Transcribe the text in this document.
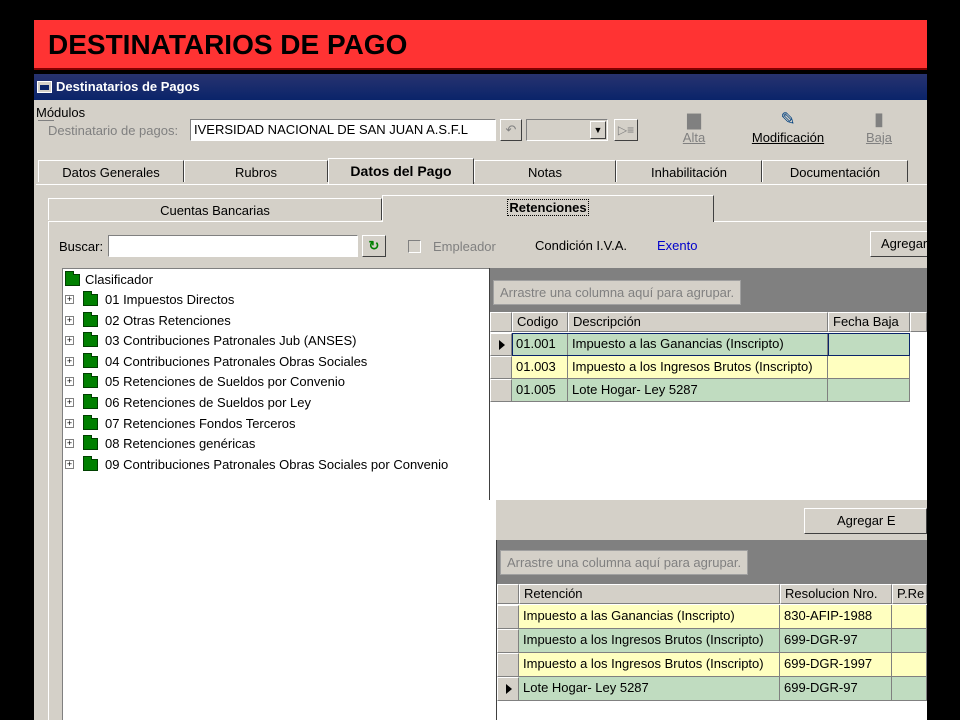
DESTINATARIOS DE PAGO
Destinatarios de Pagos
Módulos
Destinatario de pagos:	IVERSIDAD NACIONAL DE SAN JUAN A.S.F.L	↶	▼	▷≡
▆
Alta
✎
Modificación
▮
Baja
Datos Generales	Rubros	Datos del Pago	Notas	Inhabilitación	Documentación
Cuentas Bancarias	Retenciones
Buscar:	↻	Empleador	Condición I.V.A. Exento	Agregar
Clasificador
+	01 Impuestos Directos
+	02 Otras Retenciones
+	03 Contribuciones Patronales Jub (ANSES)
+	04 Contribuciones Patronales Obras Sociales
+	05 Retenciones de Sueldos por Convenio
+	06 Retenciones de Sueldos por Ley
+	07 Retenciones Fondos Terceros
+	08 Retenciones genéricas
+	09 Contribuciones Patronales Obras Sociales por Convenio
Arrastre una columna aquí para agrupar.
Codigo	Descripción	Fecha Baja
01.001	Impuesto a las Ganancias (Inscripto)
01.003	Impuesto a los Ingresos Brutos (Inscripto)
01.005	Lote Hogar- Ley 5287
Agregar E
Arrastre una columna aquí para agrupar.
Retención	Resolucion Nro.	P.Re
Impuesto a las Ganancias (Inscripto)	830-AFIP-1988
Impuesto a los Ingresos Brutos (Inscripto)	699-DGR-97
Impuesto a los Ingresos Brutos (Inscripto)	699-DGR-1997
Lote Hogar- Ley 5287	699-DGR-97
